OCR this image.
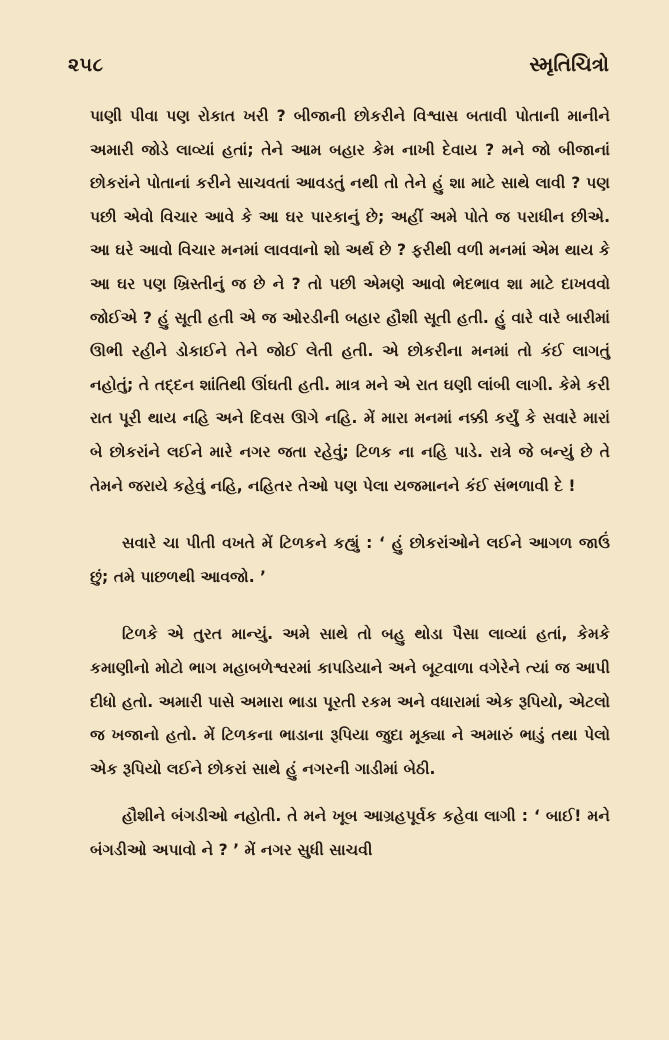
૨૫૮	સ્મૃતિચિત્રો

પાણી પીવા પણ રોકાત ખરી ? બીજાની છોકરીને વિશ્વાસ બતાવી પોતાની માનીને અમારી જોડે લાવ્યાં હતાં; તેને આમ બહાર કેમ નાખી દેવાય ? મને જો બીજાનાં છોકરાંને પોતાનાં કરીને સાચવતાં આવડતું નથી તો તેને હું શા માટે સાથે લાવી ? પણ પછી એવો વિચાર આવે કે આ ઘર પારકાનું છે; અહીં અમે પોતે જ પરાધીન છીએ. આ ઘરે આવો વિચાર મનમાં લાવવાનો શો અર્થ છે ? ફરીથી વળી મનમાં એમ થાય કે આ ઘર પણ ખ્રિસ્તીનું જ છે ને ? તો પછી એમણે આવો ભેદભાવ શા માટે દાખવવો જોઈએ ? હું સૂતી હતી એ જ ઓરડીની બહાર હૌશી સૂતી હતી. હું વારે વારે બારીમાં ઊભી રહીને ડોકાઈને તેને જોઈ લેતી હતી. એ છોકરીના મનમાં તો કંઈ લાગતું નહોતું; તે તદ્દન શાંતિથી ઊંઘતી હતી. માત્ર મને એ રાત ઘણી લાંબી લાગી. કેમે કરી રાત પૂરી થાય નહિ અને દિવસ ઊગે નહિ. મેં મારા મનમાં નક્કી કર્યું કે સવારે મારાં બે છોકરાંને લઈને મારે નગર જતા રહેવું; ટિળક ના નહિ પાડે. રાત્રે જે બન્યું છે તે તેમને જરાયે કહેવું નહિ, નહિતર તેઓ પણ પેલા યજમાનને કંઈ સંભળાવી દે !

સવારે ચા પીતી વખતે મેં ટિળકને કહ્યું : ‘ હું છોકરાંઓને લઈને આગળ જાઉં છું; તમે પાછળથી આવજો. ’

ટિળકે એ તુરત માન્યું. અમે સાથે તો બહુ થોડા પૈસા લાવ્યાં હતાં, કેમકે કમાણીનો મોટો ભાગ મહાબળેશ્વરમાં કાપડિયાને અને બૂટવાળા વગેરેને ત્યાં જ આપી દીધો હતો. અમારી પાસે અમારા ભાડા પૂરતી રકમ અને વધારામાં એક રૂપિયો, એટલો જ ખજાનો હતો. મેં ટિળકના ભાડાના રૂપિયા જુદા મૂક્યા ને અમારું ભાડું તથા પેલો એક રૂપિયો લઈને છોકરાં સાથે હું નગરની ગાડીમાં બેઠી.

હૌશીને બંગડીઓ નહોતી. તે મને ખૂબ આગ્રહપૂર્વક કહેવા લાગી : ‘ બાઈ! મને બંગડીઓ અપાવો ને ? ’ મેં નગર સુધી સાચવી
